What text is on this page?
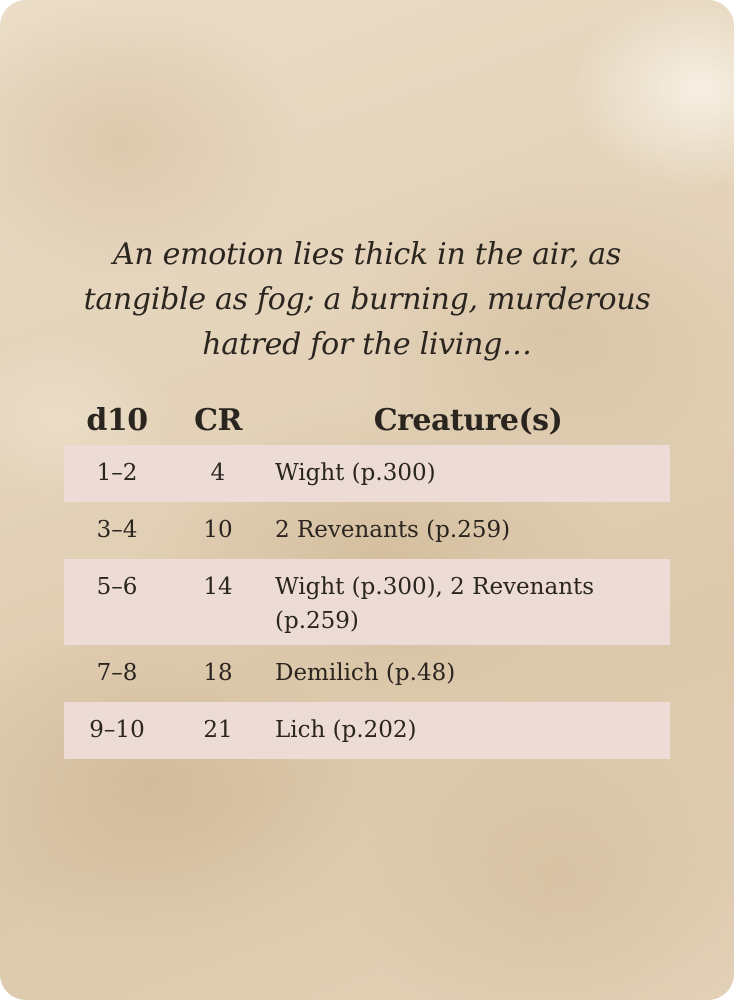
An emotion lies thick in the air, as tangible as fog; a burning, murderous hatred for the living…
d10	CR	Creature(s)
1–2	4	Wight (p.300)
3–4	10	2 Revenants (p.259)
5–6	14	Wight (p.300), 2 Revenants (p.259)
7–8	18	Demilich (p.48)
9–10	21	Lich (p.202)
